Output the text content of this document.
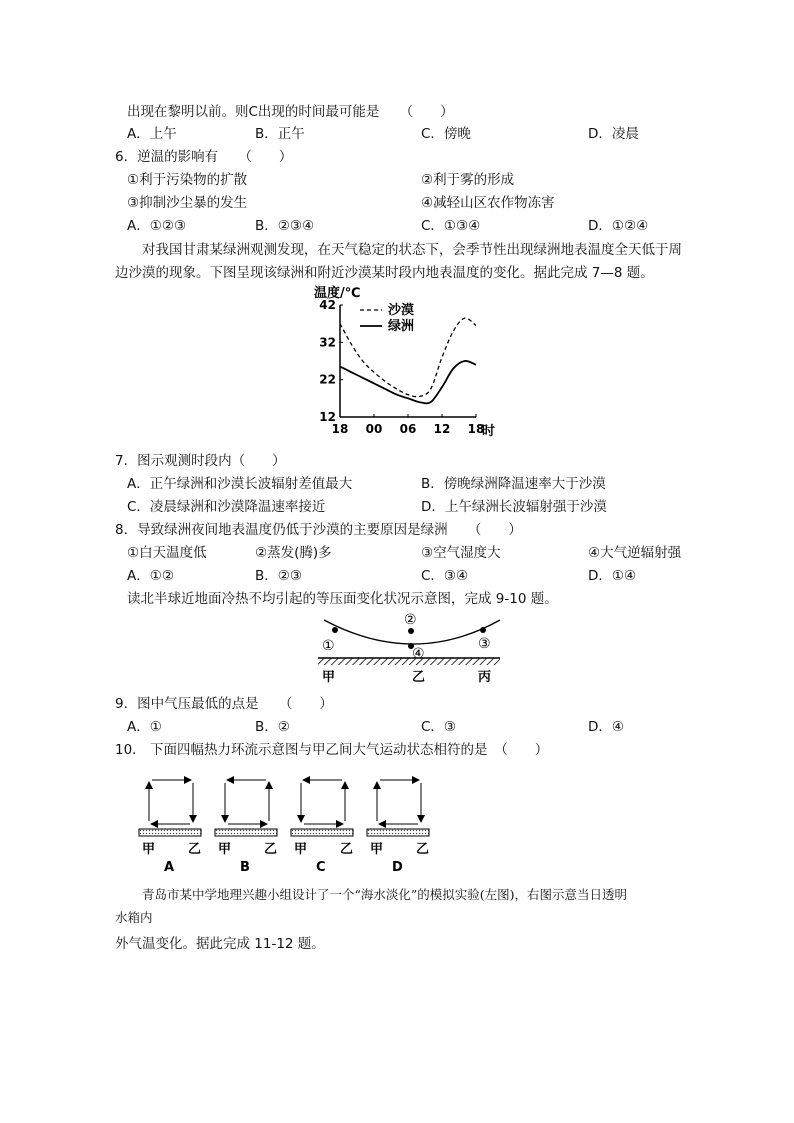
出现在黎明以前。则C出现的时间最可能是　　（　　）
A．上午	B．正午	C．傍晚	D．凌晨
6．逆温的影响有　　（　　）
①利于污染物的扩散	②利于雾的形成
③抑制沙尘暴的发生	④减轻山区农作物冻害
A．①②③	B．②③④	C．①③④	D．①②④
对我国甘肃某绿洲观测发现，在天气稳定的状态下，会季节性出现绿洲地表温度全天低于周
边沙漠的现象。下图呈现该绿洲和附近沙漠某时段内地表温度的变化。据此完成 7—8 题。
温度/℃
12
22
32
42
18 00 06 12 18
沙漠
绿洲
时
7．图示观测时段内（　　）
A．正午绿洲和沙漠长波辐射差值最大	B．傍晚绿洲降温速率大于沙漠
C．凌晨绿洲和沙漠降温速率接近	D．上午绿洲长波辐射强于沙漠
8．导致绿洲夜间地表温度仍低于沙漠的主要原因是绿洲　　（　　）
①白天温度低	②蒸发(腾)多	③空气湿度大	④大气逆辐射强
A．①②	B．②③	C．③④	D．①④
读北半球近地面冷热不均引起的等压面变化状况示意图，完成 9-10 题。
①
②
③
④
甲	乙	丙
9．图中气压最低的点是　　（　　）
A．①	B．②	C．③	D．④
10． 下面四幅热力环流示意图与甲乙间大气运动状态相符的是　（　　）
甲	乙
A
甲	乙
B
甲	乙
C
甲	乙
D
青岛市某中学地理兴趣小组设计了一个“海水淡化”的模拟实验(左图)，右图示意当日透明
水箱内
外气温变化。据此完成 11-12 题。
